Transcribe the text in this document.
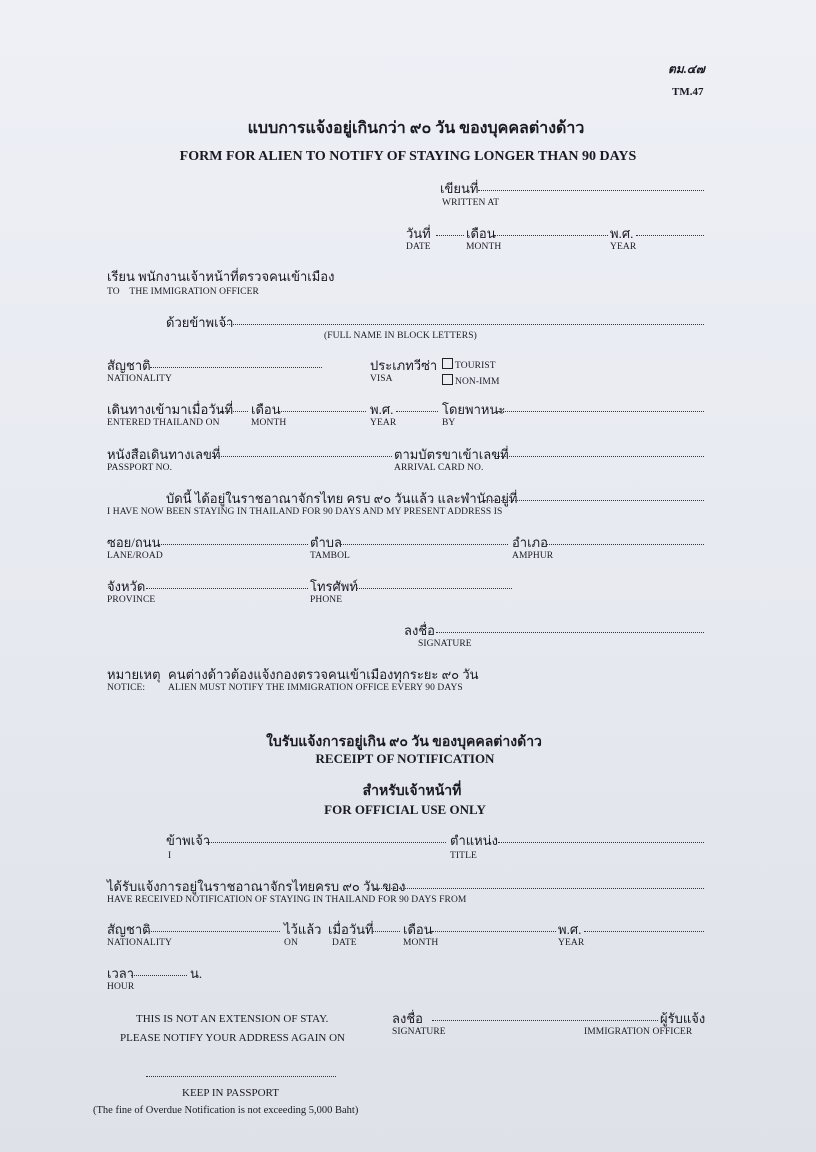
ตม.๔๗
TM.47
แบบการแจ้งอยู่เกินกว่า ๙๐ วัน ของบุคคลต่างด้าว
FORM FOR ALIEN TO NOTIFY OF STAYING LONGER THAN 90 DAYS
เขียนที่
WRITTEN AT
วันที่	เดือน	พ.ศ.
DATE	MONTH	YEAR
เรียน พนักงานเจ้าหน้าที่ตรวจคนเข้าเมือง
TO    THE IMMIGRATION OFFICER
ด้วยข้าพเจ้า
(FULL NAME IN BLOCK LETTERS)
สัญชาติ
NATIONALITY
ประเภทวีซ่า
VISA
TOURIST
NON-IMM
เดินทางเข้ามาเมื่อวันที่ เดือน	พ.ศ.	โดยพาหนะ
ENTERED THAILAND ON	MONTH	YEAR	BY
หนังสือเดินทางเลขที่	ตามบัตรขาเข้าเลขที่
PASSPORT NO.	ARRIVAL CARD NO.
บัดนี้ ได้อยู่ในราชอาณาจักรไทย ครบ ๙๐ วันแล้ว และพำนักอยู่ที่
I HAVE NOW BEEN STAYING IN THAILAND FOR 90 DAYS AND MY PRESENT ADDRESS IS
ซอย/ถนน	ตำบล	อำเภอ
LANE/ROAD	TAMBOL	AMPHUR
จังหวัด	โทรศัพท์
PROVINCE	PHONE
ลงชื่อ
SIGNATURE
หมายเหตุ คนต่างด้าวต้องแจ้งกองตรวจคนเข้าเมืองทุกระยะ ๙๐ วัน
NOTICE: ALIEN MUST NOTIFY THE IMMIGRATION OFFICE EVERY 90 DAYS
ใบรับแจ้งการอยู่เกิน ๙๐ วัน ของบุคคลต่างด้าว
RECEIPT OF NOTIFICATION
สำหรับเจ้าหน้าที่
FOR OFFICIAL USE ONLY
ข้าพเจ้า	ตำแหน่ง
I	TITLE
ได้รับแจ้งการอยู่ในราชอาณาจักรไทยครบ ๙๐ วัน ของ
HAVE RECEIVED NOTIFICATION OF STAYING IN THAILAND FOR 90 DAYS FROM
สัญชาติ	ไว้แล้ว เมื่อวันที่ เดือน	พ.ศ.
NATIONALITY	ON	DATE	MONTH	YEAR
เวลา	น.
HOUR
THIS IS NOT AN EXTENSION OF STAY.
PLEASE NOTIFY YOUR ADDRESS AGAIN ON
ลงชื่อ	ผู้รับแจ้ง
SIGNATURE	IMMIGRATION OFFICER
KEEP IN PASSPORT
(The fine of Overdue Notification is not exceeding 5,000 Baht)
